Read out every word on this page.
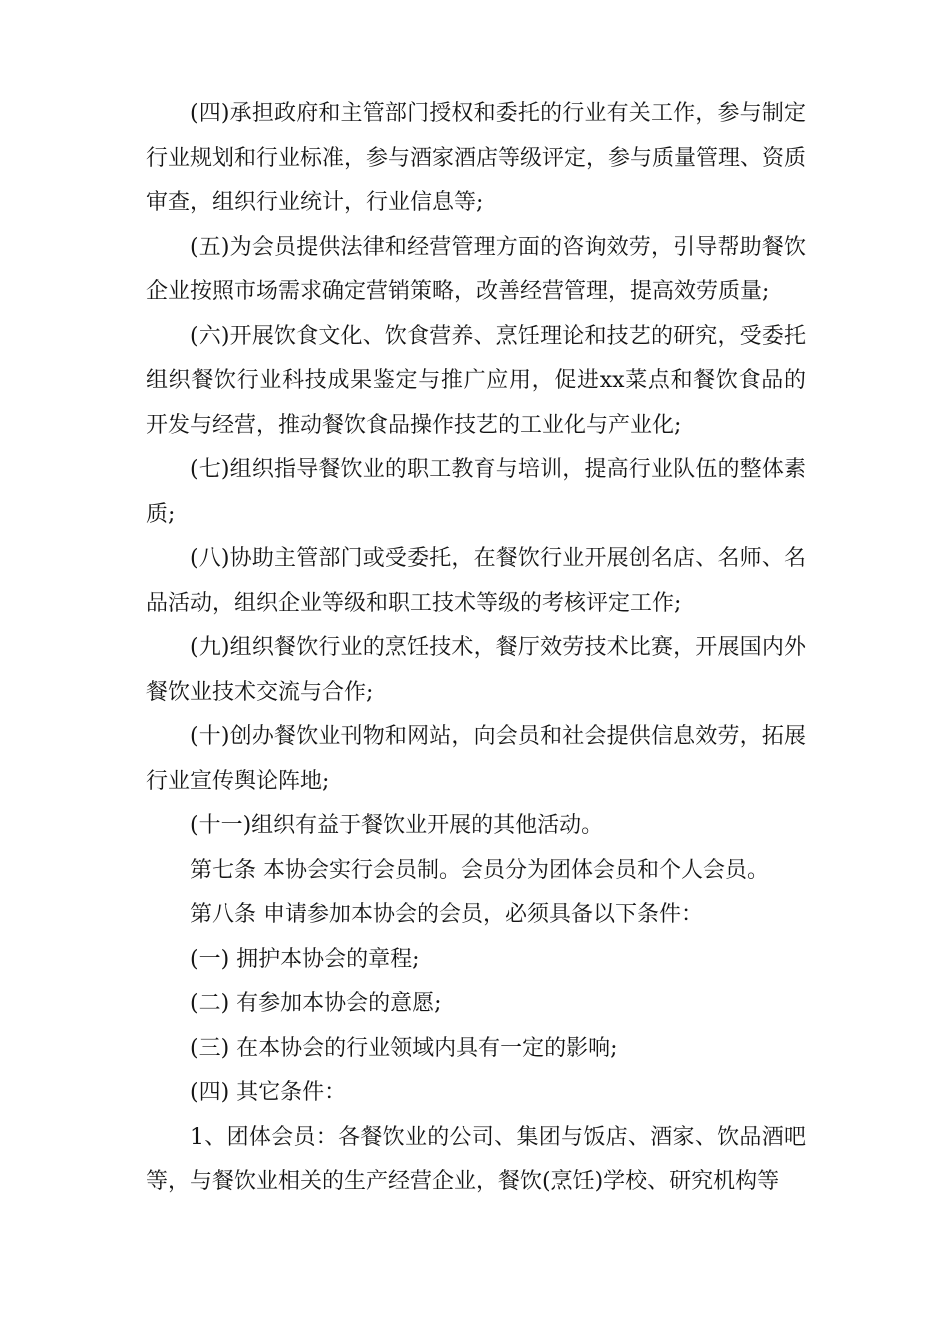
(四)承担政府和主管部门授权和委托的行业有关工作，参与制定行业规划和行业标准，参与酒家酒店等级评定，参与质量管理、资质审查，组织行业统计，行业信息等;

(五)为会员提供法律和经营管理方面的咨询效劳，引导帮助餐饮企业按照市场需求确定营销策略，改善经营管理，提高效劳质量;

(六)开展饮食文化、饮食营养、烹饪理论和技艺的研究，受委托组织餐饮行业科技成果鉴定与推广应用，促进xx菜点和餐饮食品的开发与经营，推动餐饮食品操作技艺的工业化与产业化;

(七)组织指导餐饮业的职工教育与培训，提高行业队伍的整体素质;

(八)协助主管部门或受委托，在餐饮行业开展创名店、名师、名品活动，组织企业等级和职工技术等级的考核评定工作;

(九)组织餐饮行业的烹饪技术，餐厅效劳技术比赛，开展国内外餐饮业技术交流与合作;

(十)创办餐饮业刊物和网站，向会员和社会提供信息效劳，拓展行业宣传舆论阵地;

(十一)组织有益于餐饮业开展的其他活动。

第七条 本协会实行会员制。会员分为团体会员和个人会员。

第八条 申请参加本协会的会员，必须具备以下条件：

(一) 拥护本协会的章程;

(二) 有参加本协会的意愿;

(三) 在本协会的行业领域内具有一定的影响;

(四) 其它条件：

1、团体会员：各餐饮业的公司、集团与饭店、酒家、饮品酒吧等，与餐饮业相关的生产经营企业，餐饮(烹饪)学校、研究机构等
